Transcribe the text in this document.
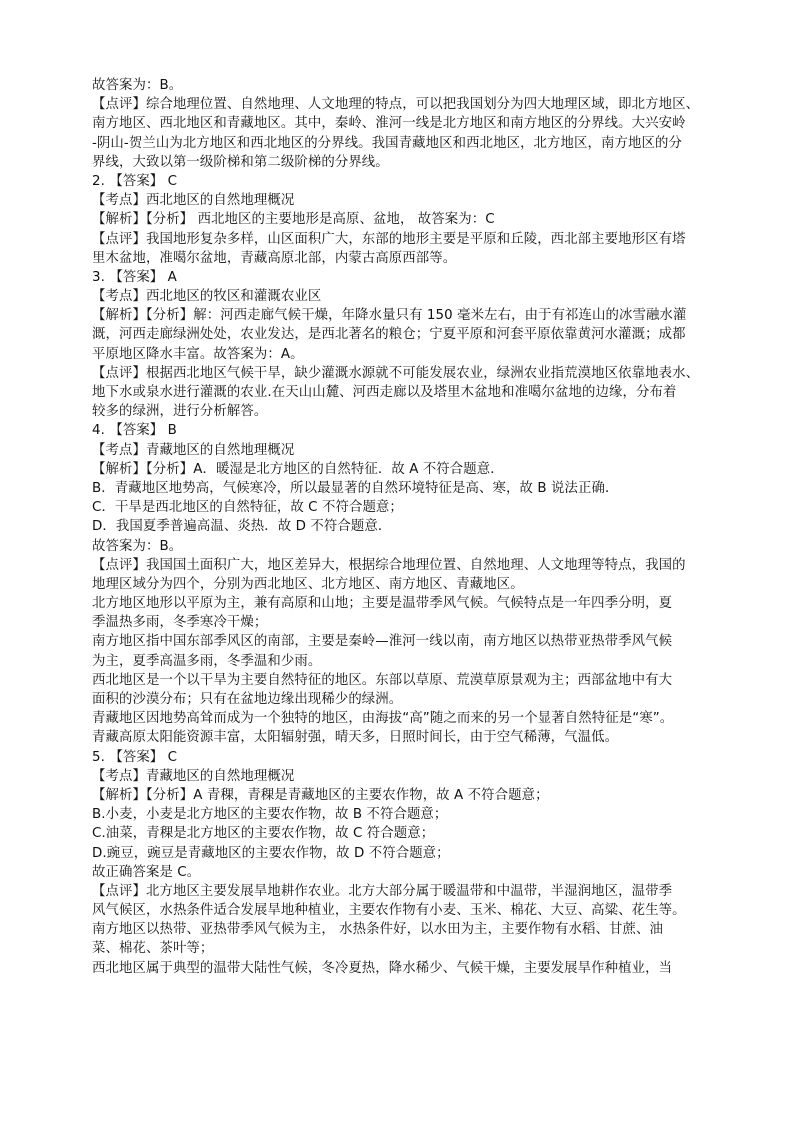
故答案为：B。
【点评】综合地理位置、自然地理、人文地理的特点，可以把我国划分为四大地理区域，即北方地区、
南方地区、西北地区和青藏地区。其中，秦岭、淮河一线是北方地区和南方地区的分界线。大兴安岭
-阴山-贺兰山为北方地区和西北地区的分界线。我国青藏地区和西北地区，北方地区，南方地区的分
界线，大致以第一级阶梯和第二级阶梯的分界线。
2. 【答案】 C
【考点】西北地区的自然地理概况
【解析】【分析】 西北地区的主要地形是高原、盆地， 故答案为：C
【点评】我国地形复杂多样，山区面积广大，东部的地形主要是平原和丘陵，西北部主要地形区有塔
里木盆地，准噶尔盆地，青藏高原北部，内蒙古高原西部等。
3. 【答案】 A
【考点】西北地区的牧区和灌溉农业区
【解析】【分析】解：河西走廊气候干燥，年降水量只有 150 毫米左右，由于有祁连山的冰雪融水灌
溉，河西走廊绿洲处处，农业发达，是西北著名的粮仓；宁夏平原和河套平原依靠黄河水灌溉；成都
平原地区降水丰富。故答案为：A。
【点评】根据西北地区气候干旱，缺少灌溉水源就不可能发展农业，绿洲农业指荒漠地区依靠地表水、
地下水或泉水进行灌溉的农业.在天山山麓、河西走廊以及塔里木盆地和准噶尔盆地的边缘，分布着
较多的绿洲，进行分析解答。
4. 【答案】 B
【考点】青藏地区的自然地理概况
【解析】【分析】A．暖湿是北方地区的自然特征．故 A 不符合题意．
B．青藏地区地势高，气候寒冷，所以最显著的自然环境特征是高、寒，故 B 说法正确．
C．干旱是西北地区的自然特征，故 C 不符合题意；
D．我国夏季普遍高温、炎热．故 D 不符合题意．
故答案为：B。
【点评】我国国土面积广大，地区差异大，根据综合地理位置、自然地理、人文地理等特点，我国的
地理区域分为四个，分别为西北地区、北方地区、南方地区、青藏地区。
北方地区地形以平原为主，兼有高原和山地；主要是温带季风气候。气候特点是一年四季分明，夏
季温热多雨，冬季寒冷干燥；
南方地区指中国东部季风区的南部，主要是秦岭—淮河一线以南，南方地区以热带亚热带季风气候
为主，夏季高温多雨，冬季温和少雨。
西北地区是一个以干旱为主要自然特征的地区。东部以草原、荒漠草原景观为主；西部盆地中有大
面积的沙漠分布；只有在盆地边缘出现稀少的绿洲。
青藏地区因地势高耸而成为一个独特的地区，由海拔“高”随之而来的另一个显著自然特征是“寒”。
青藏高原太阳能资源丰富，太阳辐射强，晴天多，日照时间长，由于空气稀薄，气温低。
5. 【答案】 C
【考点】青藏地区的自然地理概况
【解析】【分析】A 青稞，青稞是青藏地区的主要农作物，故 A 不符合题意；
B.小麦，小麦是北方地区的主要农作物，故 B 不符合题意；
C.油菜，青稞是北方地区的主要农作物，故 C 符合题意；
D.豌豆，豌豆是青藏地区的主要农作物，故 D 不符合题意；
故正确答案是 C。
【点评】北方地区主要发展旱地耕作农业。北方大部分属于暖温带和中温带，半湿润地区，温带季
风气候区，水热条件适合发展旱地种植业，主要农作物有小麦、玉米、棉花、大豆、高粱、花生等。
南方地区以热带、亚热带季风气候为主， 水热条件好，以水田为主，主要作物有水稻、甘蔗、油
菜、棉花、茶叶等；
西北地区属于典型的温带大陆性气候，冬冷夏热，降水稀少、气候干燥，主要发展旱作种植业，当
